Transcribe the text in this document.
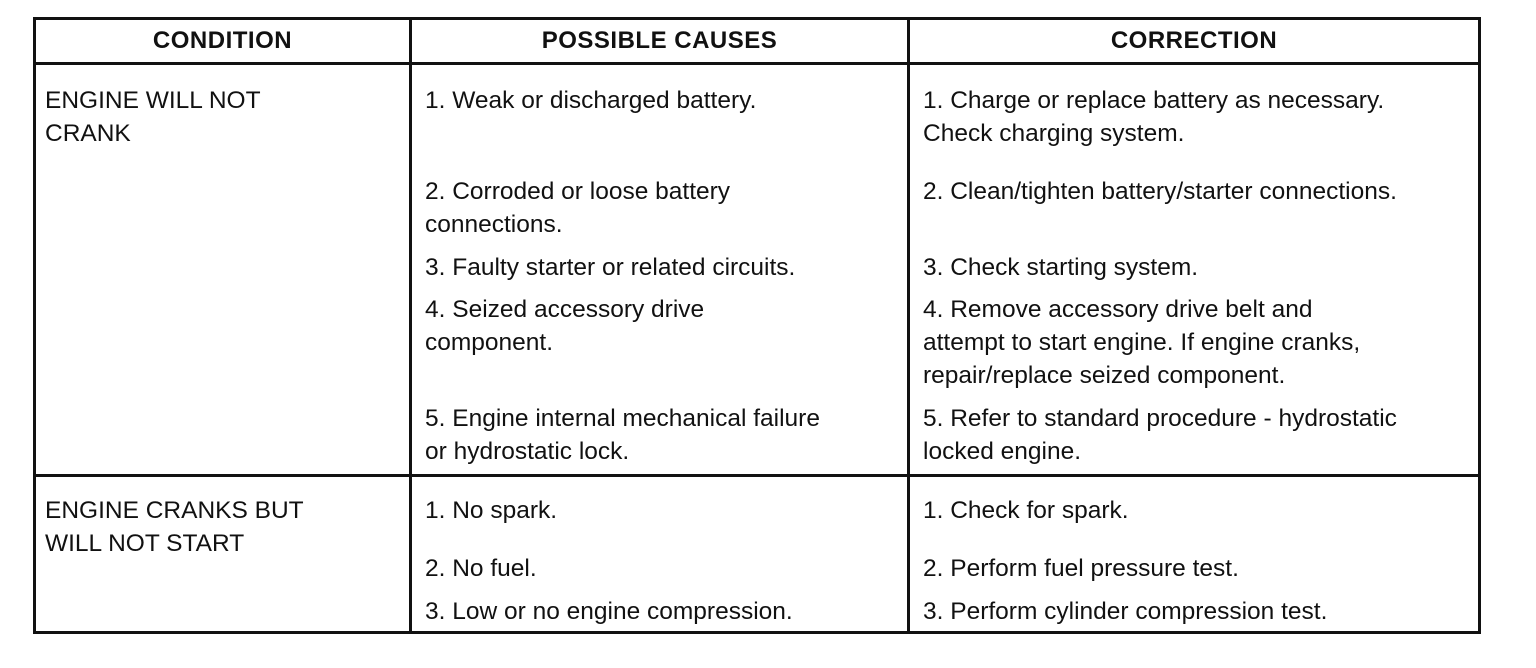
CONDITION	POSSIBLE CAUSES	CORRECTION
ENGINE WILL NOT
CRANK
1. Weak or discharged battery.
2. Corroded or loose battery
connections.
3. Faulty starter or related circuits.
4. Seized accessory drive
component.
5. Engine internal mechanical failure
or hydrostatic lock.
1. Charge or replace battery as necessary.
Check charging system.
2. Clean/tighten battery/starter connections.
3. Check starting system.
4. Remove accessory drive belt and
attempt to start engine. If engine cranks,
repair/replace seized component.
5. Refer to standard procedure - hydrostatic
locked engine.
ENGINE CRANKS BUT
WILL NOT START
1. No spark.
2. No fuel.
3. Low or no engine compression.
1. Check for spark.
2. Perform fuel pressure test.
3. Perform cylinder compression test.
